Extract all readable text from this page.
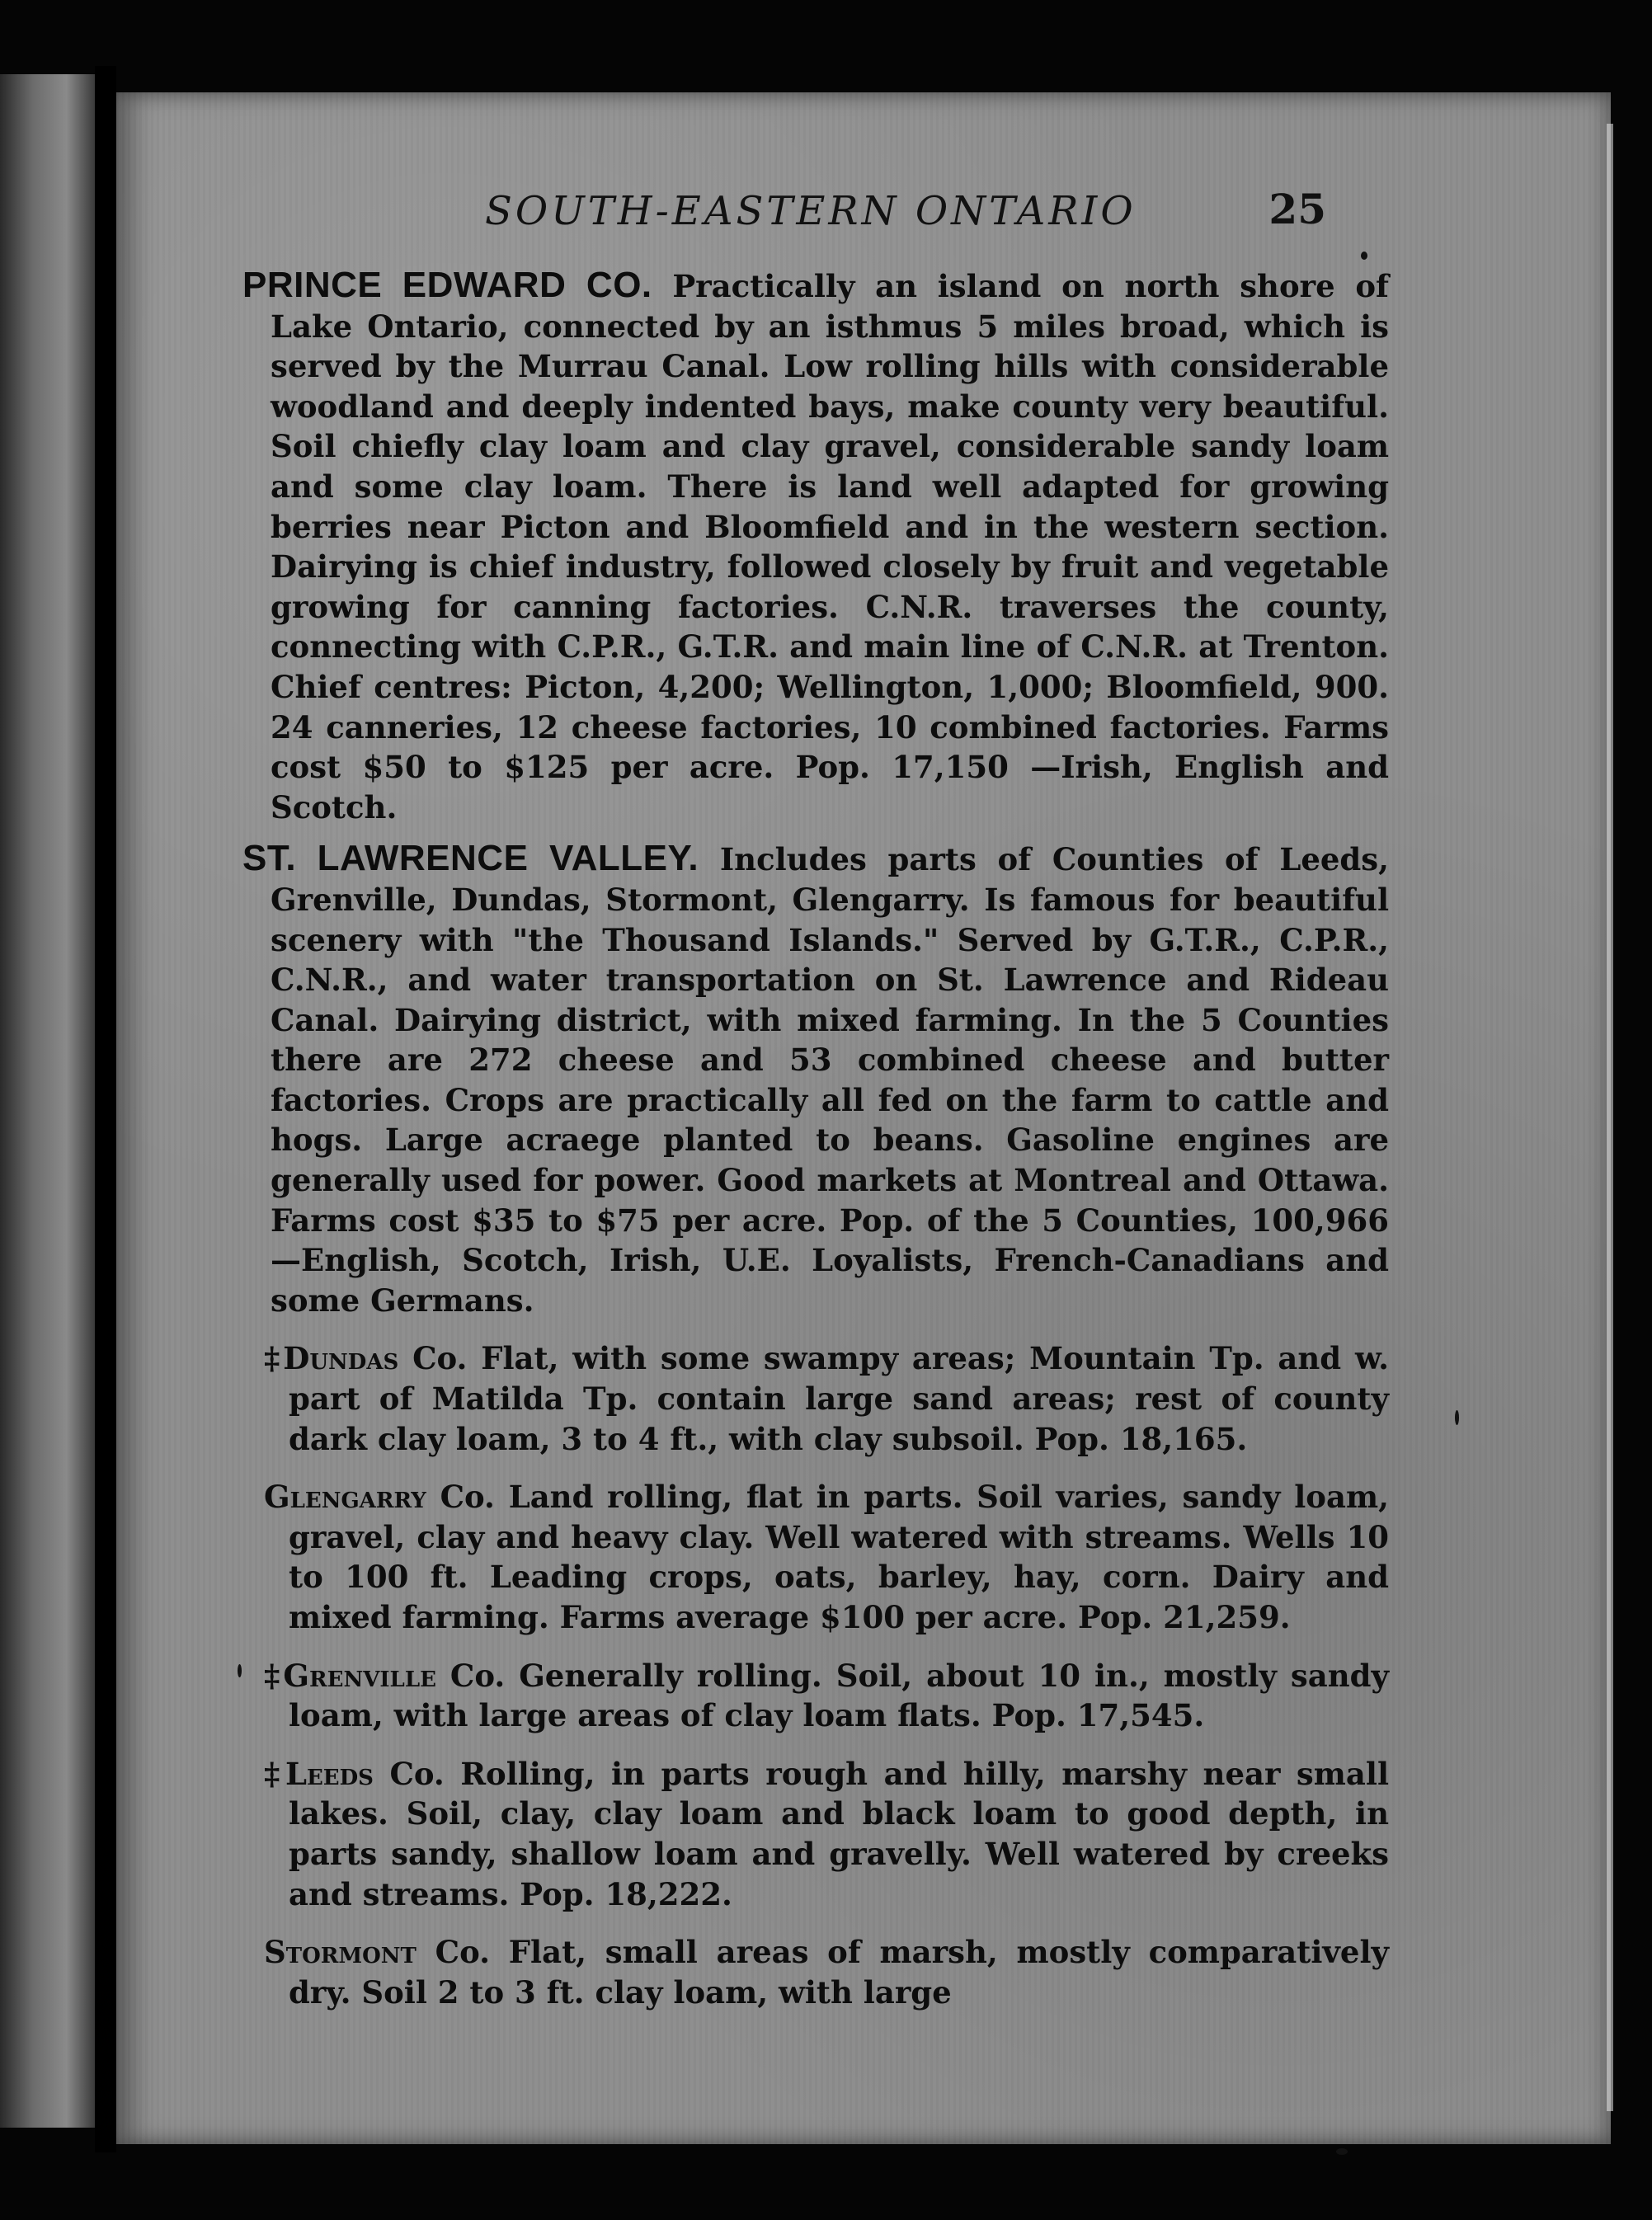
SOUTH-EASTERN ONTARIO	25

PRINCE EDWARD CO. Practically an island on north shore of Lake Ontario, connected by an isthmus 5 miles broad, which is served by the Murrau Canal. Low rolling hills with considerable woodland and deeply indented bays, make county very beautiful. Soil chiefly clay loam and clay gravel, considerable sandy loam and some clay loam. There is land well adapted for growing berries near Picton and Bloomfield and in the western section. Dairying is chief industry, followed closely by fruit and vegetable growing for canning factories. C.N.R. traverses the county, connecting with C.P.R., G.T.R. and main line of C.N.R. at Trenton. Chief centres: Picton, 4,200; Wellington, 1,000; Bloomfield, 900. 24 canneries, 12 cheese factories, 10 combined factories. Farms cost $50 to $125 per acre. Pop. 17,150 —Irish, English and Scotch.

ST. LAWRENCE VALLEY. Includes parts of Counties of Leeds, Grenville, Dundas, Stormont, Glengarry. Is famous for beautiful scenery with "the Thousand Islands." Served by G.T.R., C.P.R., C.N.R., and water transportation on St. Lawrence and Rideau Canal. Dairying district, with mixed farming. In the 5 Counties there are 272 cheese and 53 combined cheese and butter factories. Crops are practically all fed on the farm to cattle and hogs. Large acraege planted to beans. Gasoline engines are generally used for power. Good markets at Montreal and Ottawa. Farms cost $35 to $75 per acre. Pop. of the 5 Counties, 100,966 —English, Scotch, Irish, U.E. Loyalists, French-Canadians and some Germans.

‡Dundas Co. Flat, with some swampy areas; Mountain Tp. and w. part of Matilda Tp. contain large sand areas; rest of county dark clay loam, 3 to 4 ft., with clay subsoil. Pop. 18,165.

Glengarry Co. Land rolling, flat in parts. Soil varies, sandy loam, gravel, clay and heavy clay. Well watered with streams. Wells 10 to 100 ft. Leading crops, oats, barley, hay, corn. Dairy and mixed farming. Farms average $100 per acre. Pop. 21,259.

‡Grenville Co. Generally rolling. Soil, about 10 in., mostly sandy loam, with large areas of clay loam flats. Pop. 17,545.

‡Leeds Co. Rolling, in parts rough and hilly, marshy near small lakes. Soil, clay, clay loam and black loam to good depth, in parts sandy, shallow loam and gravelly. Well watered by creeks and streams. Pop. 18,222.

Stormont Co. Flat, small areas of marsh, mostly comparatively dry. Soil 2 to 3 ft. clay loam, with large
